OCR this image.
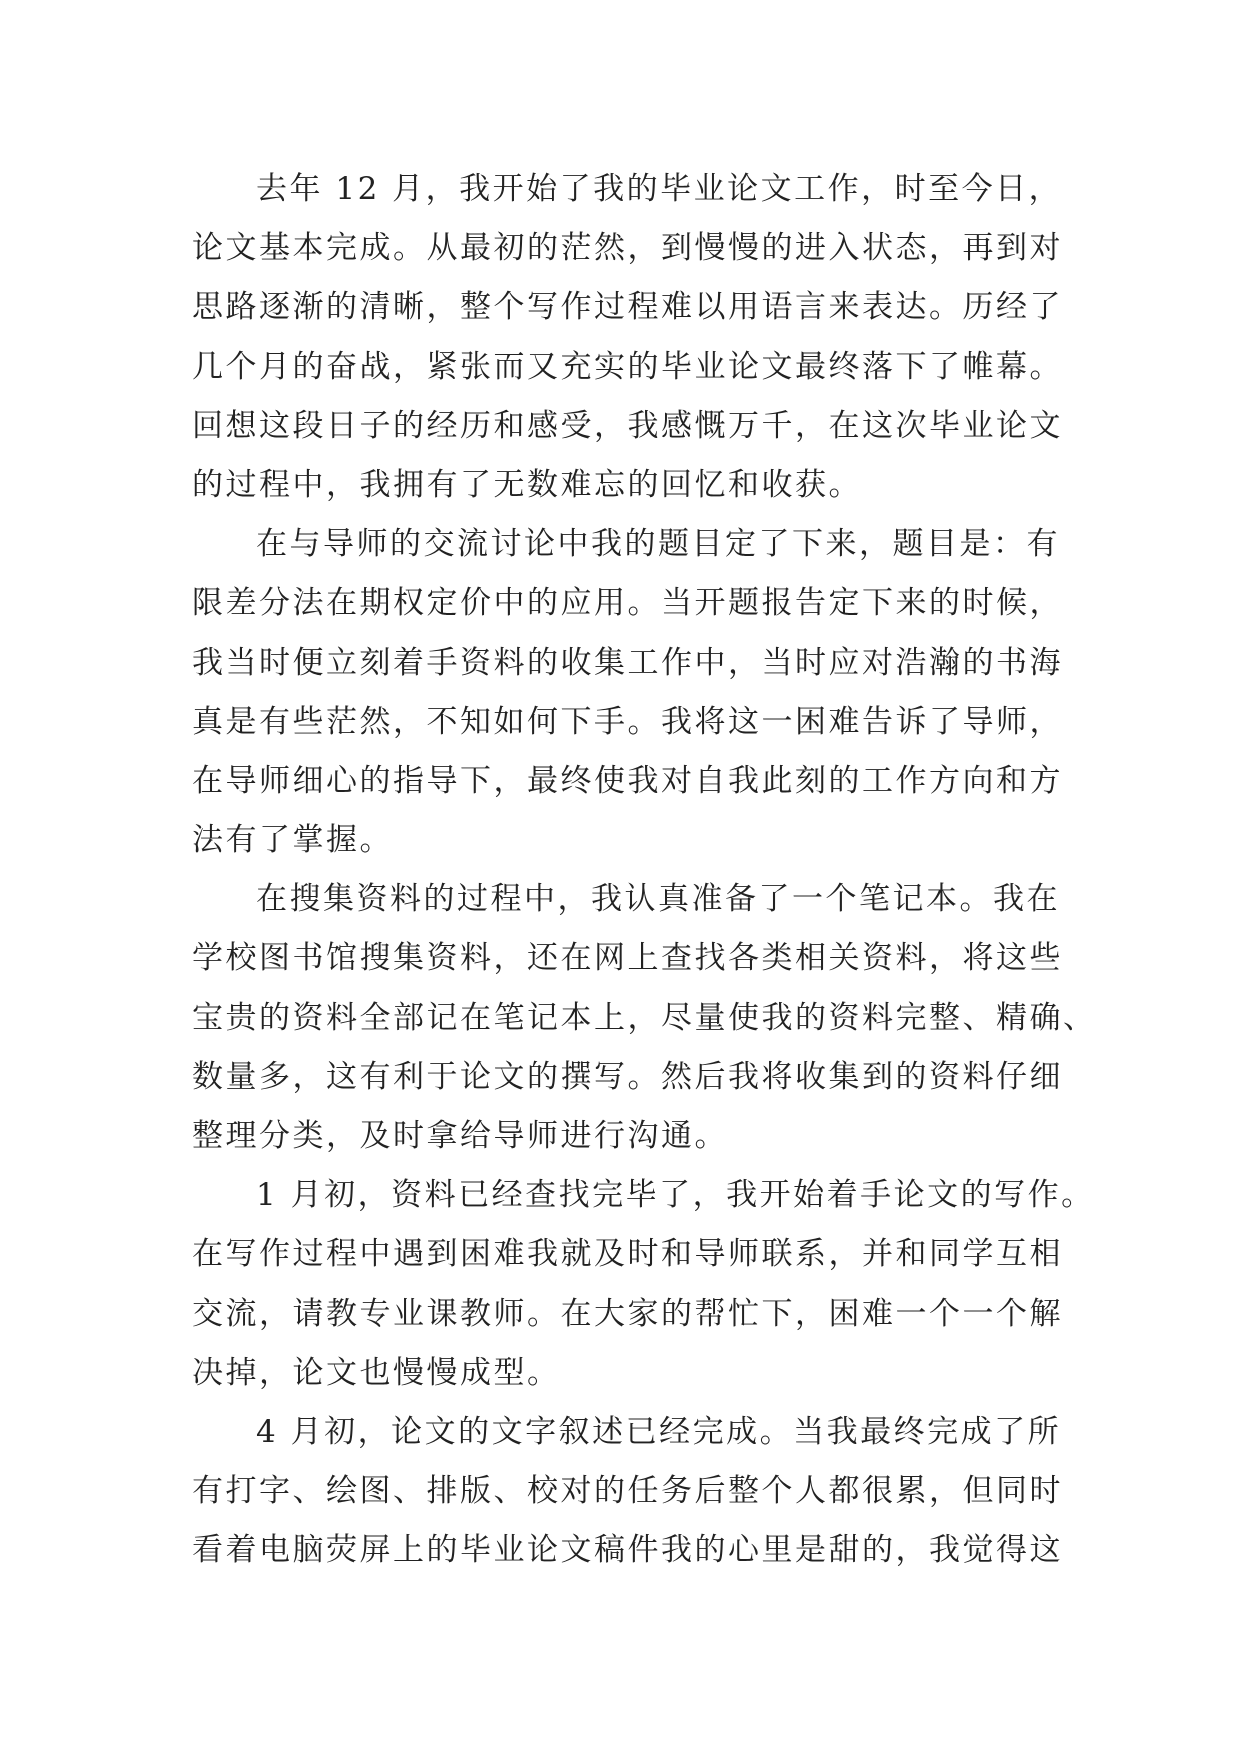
去年 12 月，我开始了我的毕业论文工作，时至今日，
论文基本完成。从最初的茫然，到慢慢的进入状态，再到对
思路逐渐的清晰，整个写作过程难以用语言来表达。历经了
几个月的奋战，紧张而又充实的毕业论文最终落下了帷幕。
回想这段日子的经历和感受，我感慨万千，在这次毕业论文
的过程中，我拥有了无数难忘的回忆和收获。
在与导师的交流讨论中我的题目定了下来，题目是：有
限差分法在期权定价中的应用。当开题报告定下来的时候，
我当时便立刻着手资料的收集工作中，当时应对浩瀚的书海
真是有些茫然，不知如何下手。我将这一困难告诉了导师，
在导师细心的指导下，最终使我对自我此刻的工作方向和方
法有了掌握。
在搜集资料的过程中，我认真准备了一个笔记本。我在
学校图书馆搜集资料，还在网上查找各类相关资料，将这些
宝贵的资料全部记在笔记本上，尽量使我的资料完整、精确、
数量多，这有利于论文的撰写。然后我将收集到的资料仔细
整理分类，及时拿给导师进行沟通。
1 月初，资料已经查找完毕了，我开始着手论文的写作。
在写作过程中遇到困难我就及时和导师联系，并和同学互相
交流，请教专业课教师。在大家的帮忙下，困难一个一个解
决掉，论文也慢慢成型。
4 月初，论文的文字叙述已经完成。当我最终完成了所
有打字、绘图、排版、校对的任务后整个人都很累，但同时
看着电脑荧屏上的毕业论文稿件我的心里是甜的，我觉得这
